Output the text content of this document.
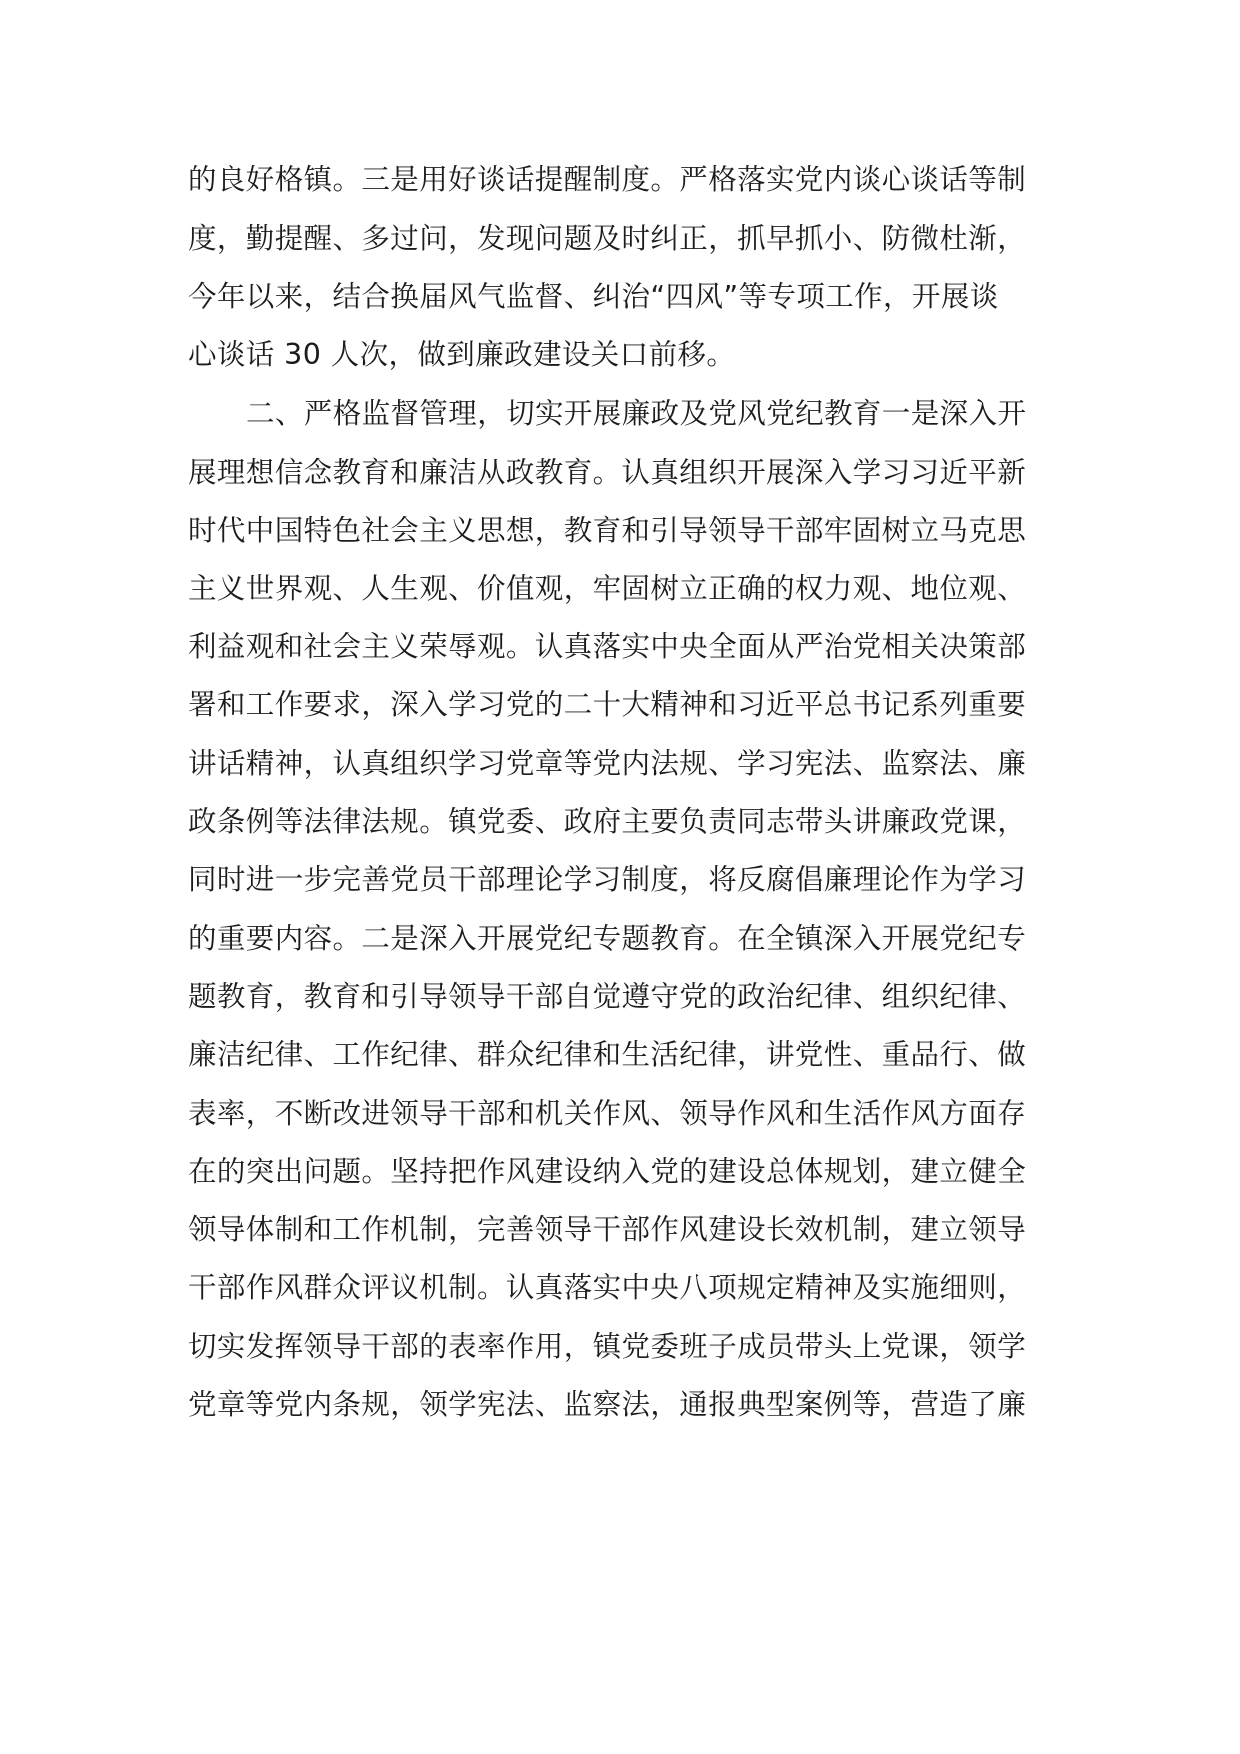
的良好格镇。三是用好谈话提醒制度。严格落实党内谈心谈话等制
度，勤提醒、多过问，发现问题及时纠正，抓早抓小、防微杜渐，
今年以来，结合换届风气监督、纠治“四风”等专项工作，开展谈
心谈话 30 人次，做到廉政建设关口前移。
二、严格监督管理，切实开展廉政及党风党纪教育一是深入开
展理想信念教育和廉洁从政教育。认真组织开展深入学习习近平新
时代中国特色社会主义思想，教育和引导领导干部牢固树立马克思
主义世界观、人生观、价值观，牢固树立正确的权力观、地位观、
利益观和社会主义荣辱观。认真落实中央全面从严治党相关决策部
署和工作要求，深入学习党的二十大精神和习近平总书记系列重要
讲话精神，认真组织学习党章等党内法规、学习宪法、监察法、廉
政条例等法律法规。镇党委、政府主要负责同志带头讲廉政党课，
同时进一步完善党员干部理论学习制度，将反腐倡廉理论作为学习
的重要内容。二是深入开展党纪专题教育。在全镇深入开展党纪专
题教育，教育和引导领导干部自觉遵守党的政治纪律、组织纪律、
廉洁纪律、工作纪律、群众纪律和生活纪律，讲党性、重品行、做
表率，不断改进领导干部和机关作风、领导作风和生活作风方面存
在的突出问题。坚持把作风建设纳入党的建设总体规划，建立健全
领导体制和工作机制，完善领导干部作风建设长效机制，建立领导
干部作风群众评议机制。认真落实中央八项规定精神及实施细则，
切实发挥领导干部的表率作用，镇党委班子成员带头上党课，领学
党章等党内条规，领学宪法、监察法，通报典型案例等，营造了廉
